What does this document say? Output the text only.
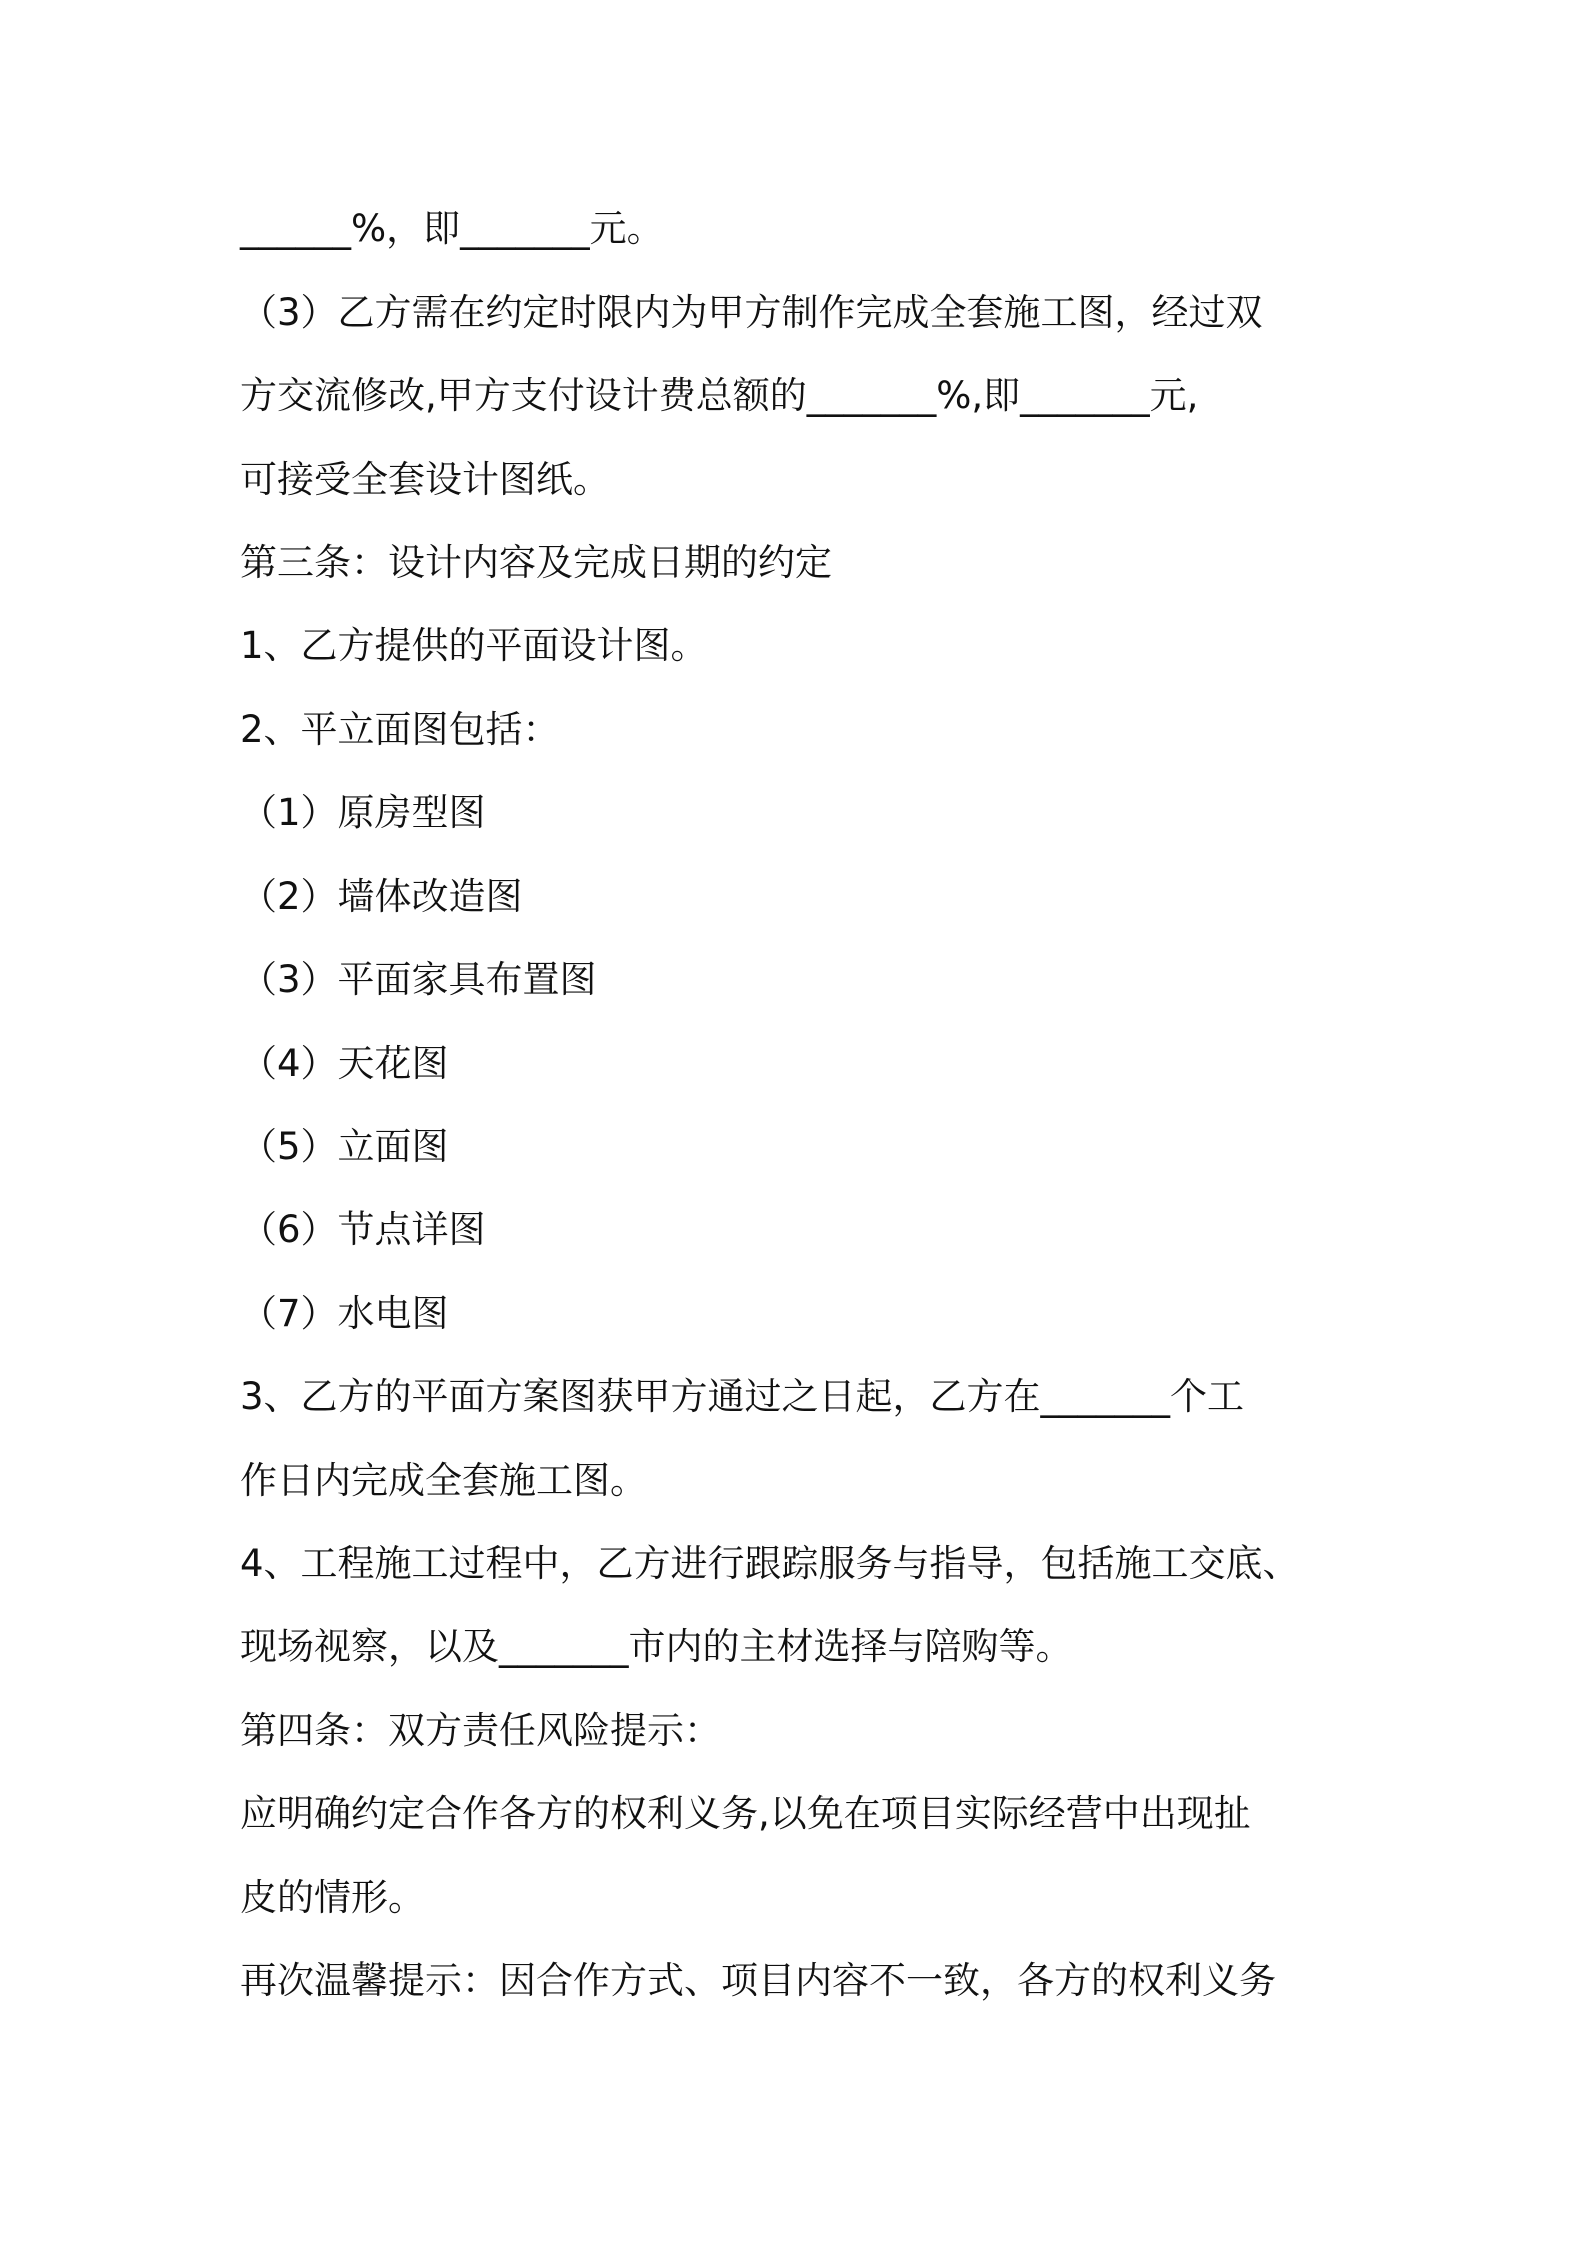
______%，即_______元。
（3）乙方需在约定时限内为甲方制作完成全套施工图，经过双
方交流修改,甲方支付设计费总额的_______%,即_______元,
可接受全套设计图纸。
第三条：设计内容及完成日期的约定
1、乙方提供的平面设计图。
2、平立面图包括：
（1）原房型图
（2）墙体改造图
（3）平面家具布置图
（4）天花图
（5）立面图
（6）节点详图
（7）水电图
3、乙方的平面方案图获甲方通过之日起，乙方在_______个工
作日内完成全套施工图。
4、工程施工过程中，乙方进行跟踪服务与指导，包括施工交底、
现场视察，以及_______市内的主材选择与陪购等。
第四条：双方责任风险提示：
应明确约定合作各方的权利义务,以免在项目实际经营中出现扯
皮的情形。
再次温馨提示：因合作方式、项目内容不一致，各方的权利义务
